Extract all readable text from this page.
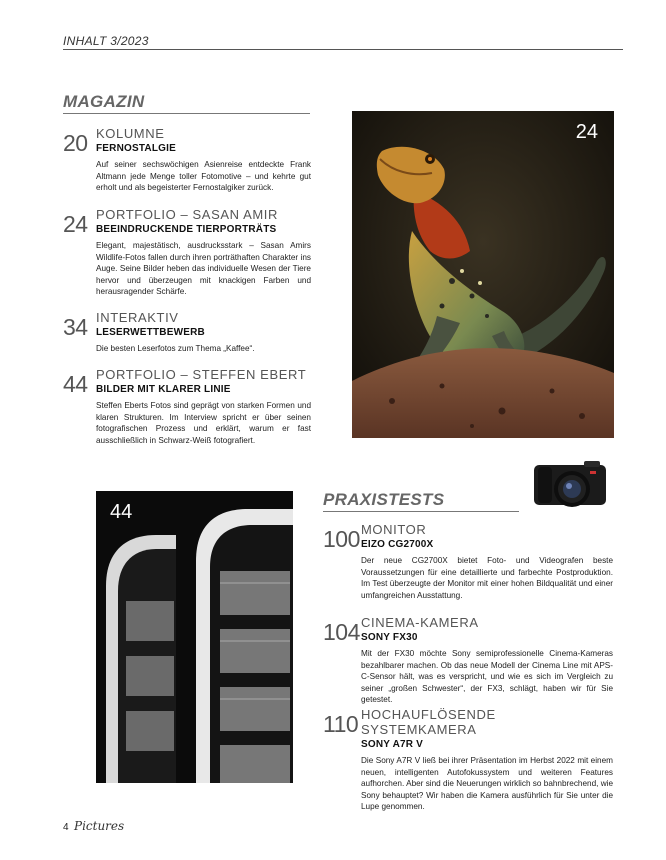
INHALT 3/2023
MAGAZIN
20 KOLUMNE
FERNOSTALGIE
Auf seiner sechswöchigen Asienreise entdeckte Frank Altmann jede Menge toller Fotomotive – und kehrte gut erholt und als begeisterter Fernostalgiker zurück.
24 PORTFOLIO – SASAN AMIR
BEEINDRUCKENDE TIERPORTRÄTS
Elegant, majestätisch, ausdrucksstark – Sasan Amirs Wildlife-Fotos fallen durch ihren porträthaften Charakter ins Auge. Seine Bilder heben das individuelle Wesen der Tiere hervor und überzeugen mit knackigen Farben und herausragender Schärfe.
34 INTERAKTIV
LESERWETTBEWERB
Die besten Leserfotos zum Thema „Kaffee“.
44 PORTFOLIO – STEFFEN EBERT
BILDER MIT KLARER LINIE
Steffen Eberts Fotos sind geprägt von starken Formen und klaren Strukturen. Im Interview spricht er über seinen fotografischen Prozess und erklärt, warum er fast ausschließlich in Schwarz-Weiß fotografiert.
24
44
PRAXISTESTS
100 MONITOR
EIZO CG2700X
Der neue CG2700X bietet Foto- und Videografen beste Voraussetzungen für eine detaillierte und farbechte Postproduktion. Im Test überzeugte der Monitor mit einer hohen Bildqualität und einer umfangreichen Ausstattung.
104 CINEMA-KAMERA
SONY FX30
Mit der FX30 möchte Sony semiprofessionelle Cinema-Kameras bezahlbarer machen. Ob das neue Modell der Cinema Line mit APS-C-Sensor hält, was es verspricht, und wie es sich im Vergleich zu seiner „großen Schwester“, der FX3, schlägt, haben wir für Sie getestet.
110 HOCHAUFLÖSENDE SYSTEMKAMERA
SONY A7R V
Die Sony A7R V ließ bei ihrer Präsentation im Herbst 2022 mit einem neuen, intelligenten Autofokussystem und weiteren Features aufhorchen. Aber sind die Neuerungen wirklich so bahnbrechend, wie Sony behauptet? Wir haben die Kamera ausführlich für Sie unter die Lupe genommen.
4 Pictures
